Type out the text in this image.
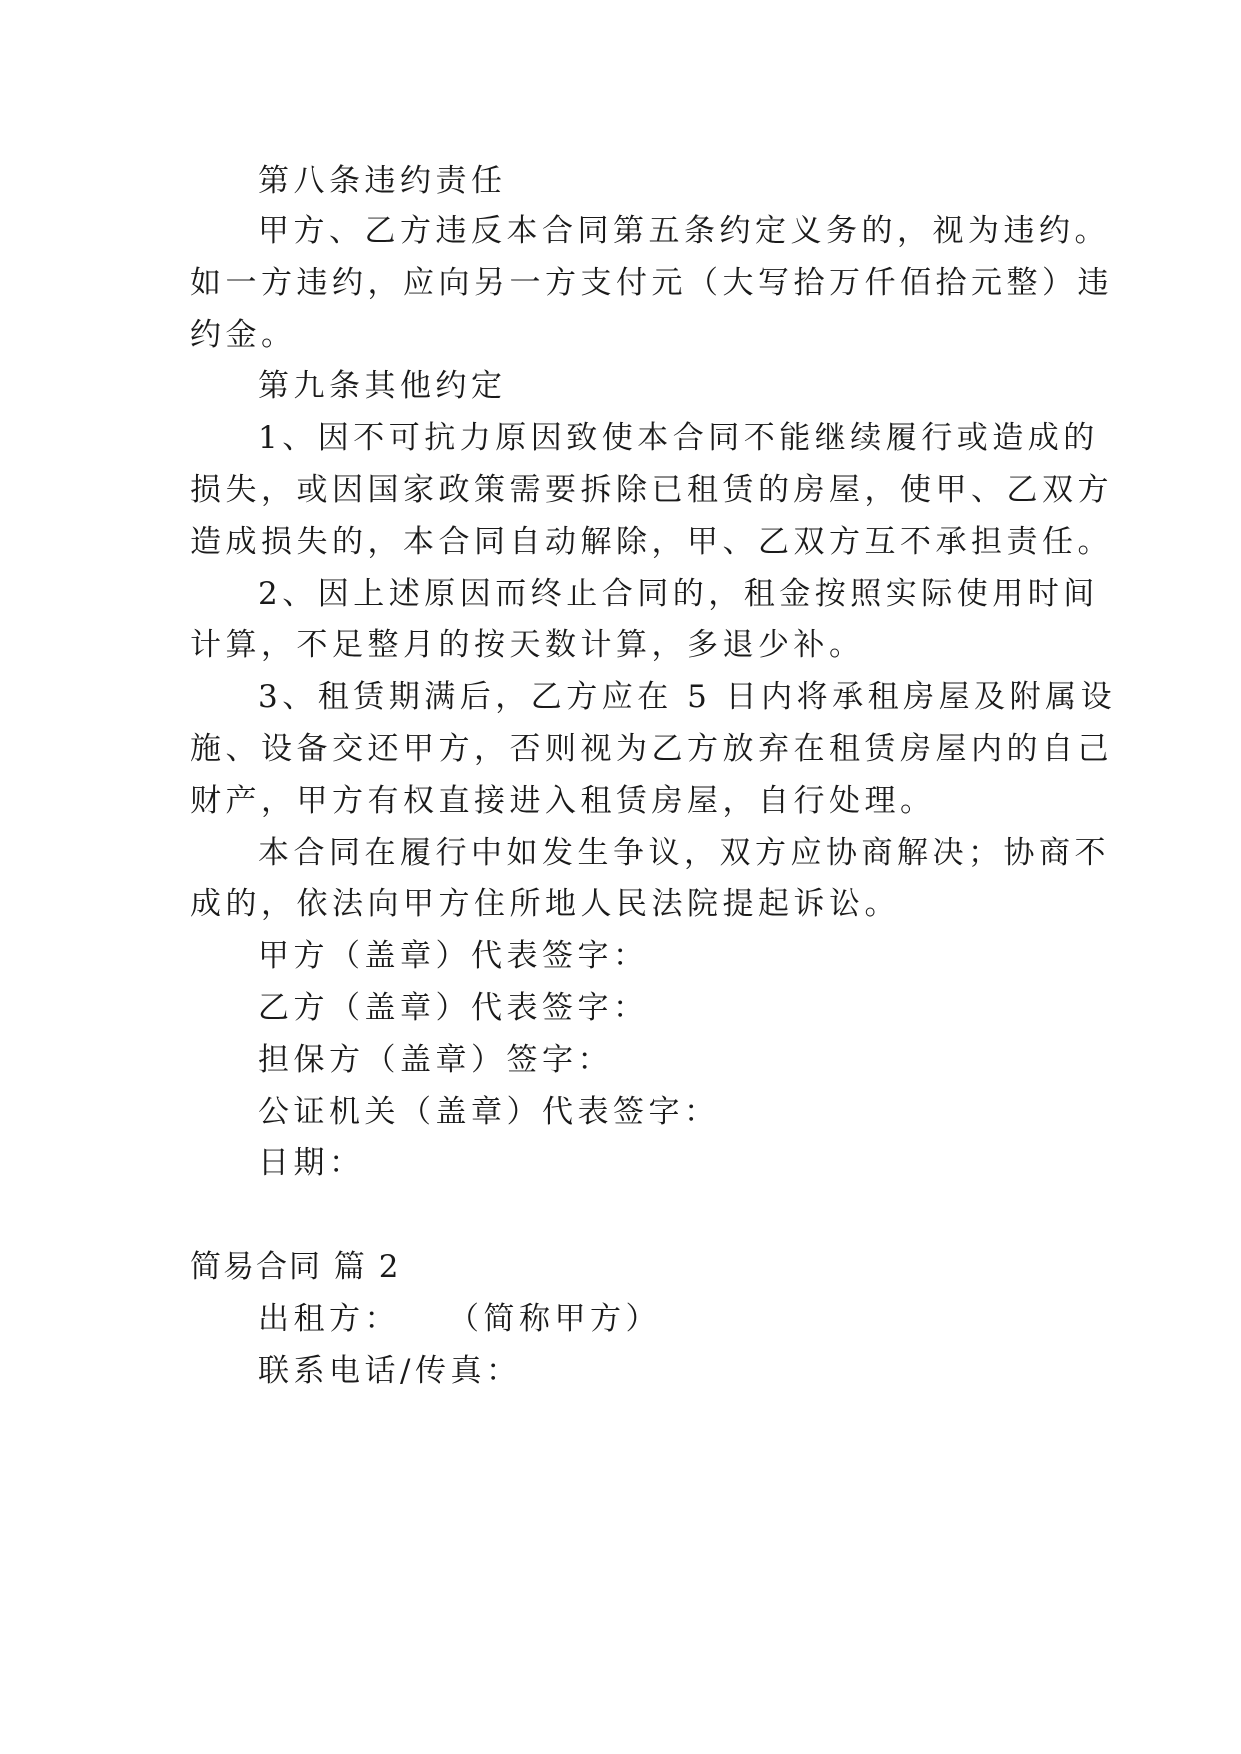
第八条违约责任
甲方、乙方违反本合同第五条约定义务的，视为违约。
如一方违约，应向另一方支付元（大写拾万仟佰拾元整）违
约金。
第九条其他约定
1、因不可抗力原因致使本合同不能继续履行或造成的
损失，或因国家政策需要拆除已租赁的房屋，使甲、乙双方
造成损失的，本合同自动解除，甲、乙双方互不承担责任。
2、因上述原因而终止合同的，租金按照实际使用时间
计算，不足整月的按天数计算，多退少补。
3、租赁期满后，乙方应在 5 日内将承租房屋及附属设
施、设备交还甲方，否则视为乙方放弃在租赁房屋内的自己
财产，甲方有权直接进入租赁房屋，自行处理。
本合同在履行中如发生争议，双方应协商解决；协商不
成的，依法向甲方住所地人民法院提起诉讼。
甲方（盖章）代表签字：
乙方（盖章）代表签字：
担保方（盖章）签字：
公证机关（盖章）代表签字：
日期：
简易合同 篇 2
出租方： （简称甲方）
联系电话/传真：
